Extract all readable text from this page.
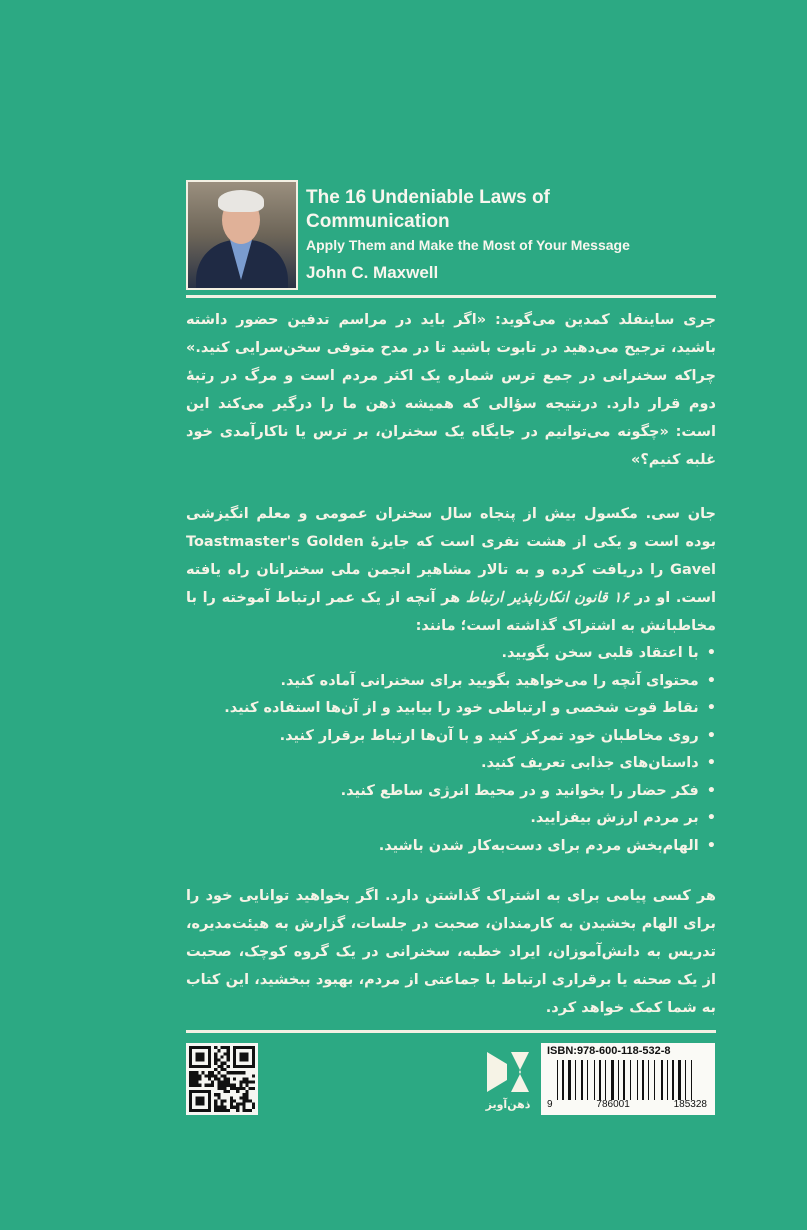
The 16 Undeniable Laws of Communication
Apply Them and Make the Most of Your Message
John C. Maxwell

جری ساینفلد کمدین می‌گوید: «اگر باید در مراسم تدفین حضور داشته باشید، ترجیح می‌دهید در تابوت باشید تا در مدح متوفی سخن‌سرایی کنید.» چراکه سخنرانی در جمع ترس شماره یک اکثر مردم است و مرگ در رتبهٔ دوم قرار دارد. درنتیجه سؤالی که همیشه ذهن ما را درگیر می‌کند این است: «چگونه می‌توانیم در جایگاه یک سخنران، بر ترس یا ناکارآمدی خود غلبه کنیم؟»

جان سی. مکسول بیش از پنجاه سال سخنران عمومی و معلم انگیزشی بوده است و یکی از هشت نفری است که جایزهٔ Toastmaster's Golden Gavel را دریافت کرده و به تالار مشاهیر انجمن ملی سخنرانان راه یافته است. او در ۱۶ قانون انکارناپذیر ارتباط هر آنچه از یک عمر ارتباط آموخته را با مخاطبانش به اشتراک گذاشته است؛ مانند:

• با اعتقاد قلبی سخن بگویید.
• محتوای آنچه را می‌خواهید بگویید برای سخنرانی آماده کنید.
• نقاط قوت شخصی و ارتباطی خود را بیابید و از آن‌ها استفاده کنید.
• روی مخاطبان خود تمرکز کنید و با آن‌ها ارتباط برقرار کنید.
• داستان‌های جذابی تعریف کنید.
• فکر حضار را بخوانید و در محیط انرژی ساطع کنید.
• بر مردم ارزش بیفزایید.
• الهام‌بخش مردم برای دست‌به‌کار شدن باشید.

هر کسی پیامی برای به اشتراک گذاشتن دارد. اگر بخواهید توانایی خود را برای الهام بخشیدن به کارمندان، صحبت در جلسات، گزارش به هیئت‌مدیره، تدریس به دانش‌آموزان، ایراد خطبه، سخنرانی در یک گروه کوچک، صحبت از یک صحنه یا برقراری ارتباط با جماعتی از مردم، بهبود ببخشید، این کتاب به شما کمک خواهد کرد.

ذهن‌آویز
ISBN:978-600-118-532-8
9	786001	185328
